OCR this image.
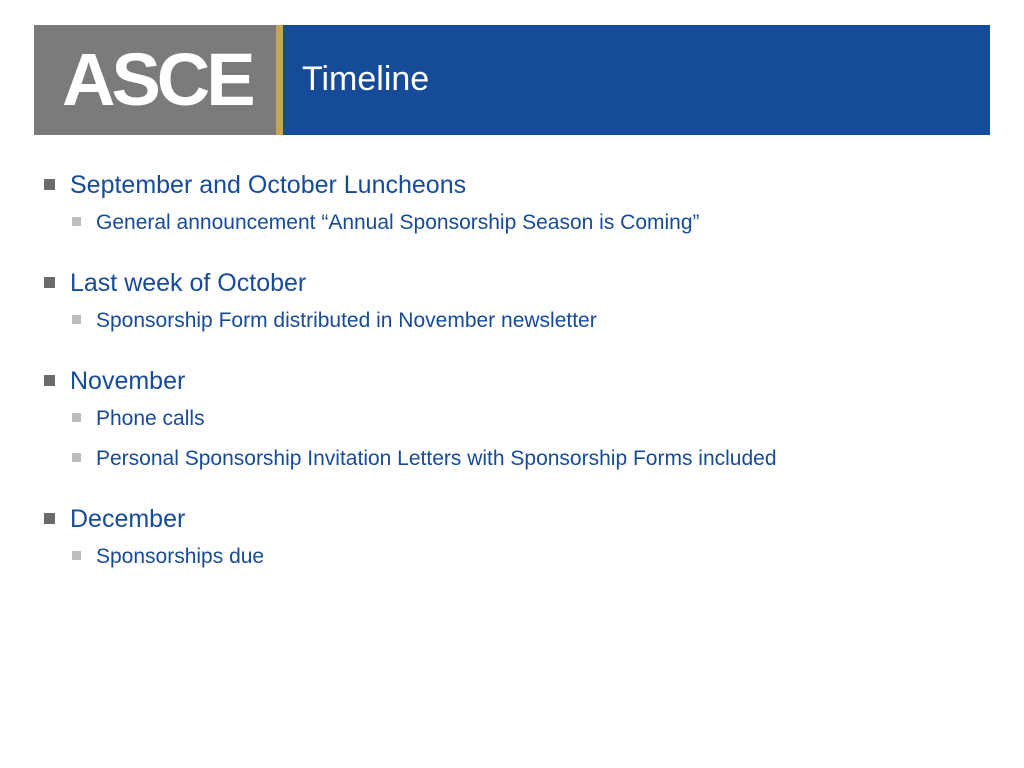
ASCE Timeline
September and October Luncheons
General announcement “Annual Sponsorship Season is Coming”
Last week of October
Sponsorship Form distributed in November newsletter
November
Phone calls
Personal Sponsorship Invitation Letters with Sponsorship Forms included
December
Sponsorships due
